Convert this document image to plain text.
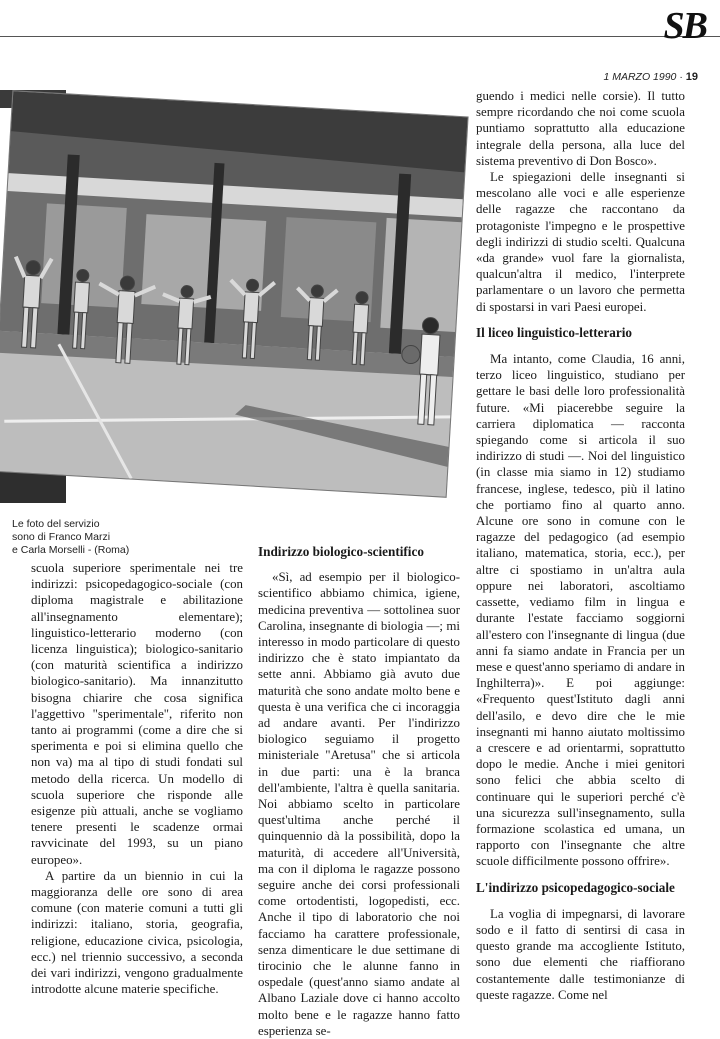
SB
1 MARZO 1990 · 19
Le foto del servizio
sono di Franco Marzi
e Carla Morselli - (Roma)

scuola superiore sperimentale nei tre indirizzi: psicopedagogico-sociale (con diploma magistrale e abilitazione all'insegnamento elementare); linguistico-letterario moderno (con licenza linguistica); biologico-sanitario (con maturità scientifica a indirizzo biologico-sanitario). Ma innanzitutto bisogna chiarire che cosa significa l'aggettivo "sperimentale", riferito non tanto ai programmi (come a dire che si sperimenta e poi si elimina quello che non va) ma al tipo di studi fondati sul metodo della ricerca. Un modello di scuola superiore che risponde alle esigenze più attuali, anche se vogliamo tenere presenti le scadenze ormai ravvicinate del 1993, su un piano europeo».

A partire da un biennio in cui la maggioranza delle ore sono di area comune (con materie comuni a tutti gli indirizzi: italiano, storia, geografia, religione, educazione civica, psicologia, ecc.) nel triennio successivo, a seconda dei vari indirizzi, vengono gradualmente introdotte alcune materie specifiche.

Indirizzo biologico-scientifico

«Sì, ad esempio per il biologico-scientifico abbiamo chimica, igiene, medicina preventiva — sottolinea suor Carolina, insegnante di biologia —; mi interesso in modo particolare di questo indirizzo che è stato impiantato da sette anni. Abbiamo già avuto due maturità che sono andate molto bene e questa è una verifica che ci incoraggia ad andare avanti. Per l'indirizzo biologico seguiamo il progetto ministeriale "Aretusa" che si articola in due parti: una è la branca dell'ambiente, l'altra è quella sanitaria. Noi abbiamo scelto in particolare quest'ultima anche perché il quinquennio dà la possibilità, dopo la maturità, di accedere all'Università, ma con il diploma le ragazze possono seguire anche dei corsi professionali come ortodentisti, logopedisti, ecc. Anche il tipo di laboratorio che noi facciamo ha carattere professionale, senza dimenticare le due settimane di tirocinio che le alunne fanno in ospedale (quest'anno siamo andate al Albano Laziale dove ci hanno accolto molto bene e le ragazze hanno fatto esperienza se-

guendo i medici nelle corsie). Il tutto sempre ricordando che noi come scuola puntiamo soprattutto alla educazione integrale della persona, alla luce del sistema preventivo di Don Bosco».

Le spiegazioni delle insegnanti si mescolano alle voci e alle esperienze delle ragazze che raccontano da protagoniste l'impegno e le prospettive degli indirizzi di studio scelti. Qualcuna «da grande» vuol fare la giornalista, qualcun'altra il medico, l'interprete parlamentare o un lavoro che permetta di spostarsi in vari Paesi europei.

Il liceo linguistico-letterario

Ma intanto, come Claudia, 16 anni, terzo liceo linguistico, studiano per gettare le basi delle loro professionalità future. «Mi piacerebbe seguire la carriera diplomatica — racconta spiegando come si articola il suo indirizzo di studi —. Noi del linguistico (in classe mia siamo in 12) studiamo francese, inglese, tedesco, più il latino che portiamo fino al quarto anno. Alcune ore sono in comune con le ragazze del pedagogico (ad esempio italiano, matematica, storia, ecc.), per altre ci spostiamo in un'altra aula oppure nei laboratori, ascoltiamo cassette, vediamo film in lingua e durante l'estate facciamo soggiorni all'estero con l'insegnante di lingua (due anni fa siamo andate in Francia per un mese e quest'anno speriamo di andare in Inghilterra)». E poi aggiunge: «Frequento quest'Istituto dagli anni dell'asilo, e devo dire che le mie insegnanti mi hanno aiutato moltissimo a crescere e ad orientarmi, soprattutto dopo le medie. Anche i miei genitori sono felici che abbia scelto di continuare qui le superiori perché c'è una sicurezza sull'insegnamento, sulla formazione scolastica ed umana, un rapporto con l'insegnante che altre scuole difficilmente possono offrire».

L'indirizzo psicopedagogico-sociale

La voglia di impegnarsi, di lavorare sodo e il fatto di sentirsi di casa in questo grande ma accogliente Istituto, sono due elementi che riaffiorano costantemente dalle testimonianze di queste ragazze. Come nel
